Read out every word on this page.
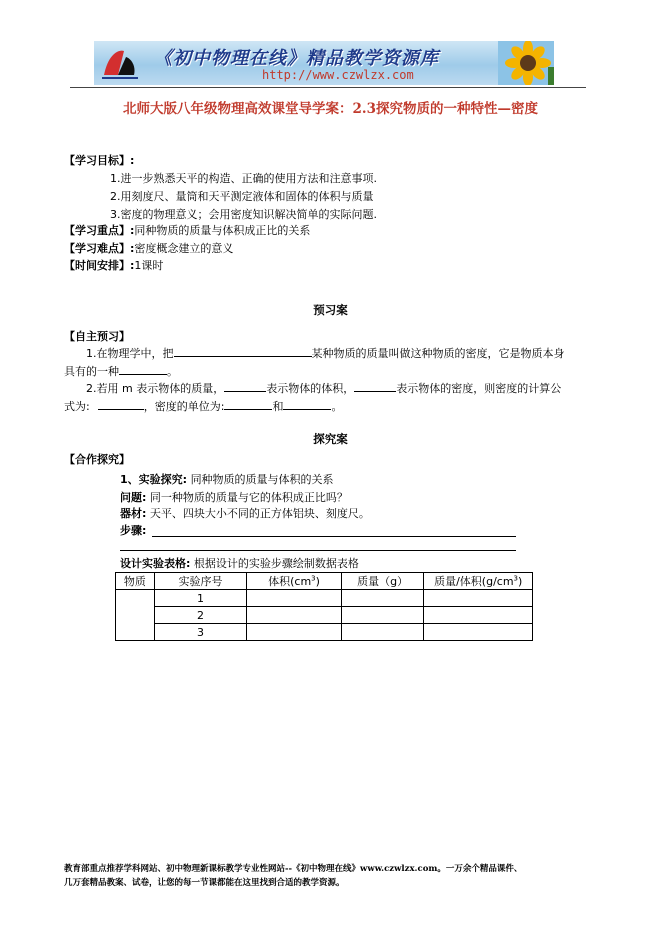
《初中物理在线》精品教学资源库
http://www.czwlzx.com
北师大版八年级物理高效课堂导学案：2.3探究物质的一种特性—密度
【学习目标】:
1.进一步熟悉天平的构造、正确的使用方法和注意事项.
2.用刻度尺、量筒和天平测定液体和固体的体积与质量
3.密度的物理意义；会用密度知识解决简单的实际问题.
【学习重点】:同种物质的质量与体积成正比的关系
【学习难点】:密度概念建立的意义
【时间安排】:1课时
预习案
【自主预习】
1.在物理学中，把	某种物质的质量叫做这种物质的密度，它是物质本身
具有的一种	。
2.若用 m 表示物体的质量，	表示物体的体积，	表示物体的密度，则密度的计算公
式为:	，密度的单位为:	和	。
探究案
【合作探究】
1、实验探究: 同种物质的质量与体积的关系
问题: 同一种物质的质量与它的体积成正比吗？
器材: 天平、四块大小不同的正方体铝块、刻度尺。
步骤:
设计实验表格: 根据设计的实验步骤绘制数据表格
物质	实验序号	体积$(cm^3)$	质量（g）	质量/体积$(g/cm^3)$
	1			
	2			
	3			
教育部重点推荐学科网站、初中物理新课标教学专业性网站--《初中物理在线》www.czwlzx.com。一万余个精品课件、
几万套精品教案、试卷，让您的每一节课都能在这里找到合适的教学资源。
